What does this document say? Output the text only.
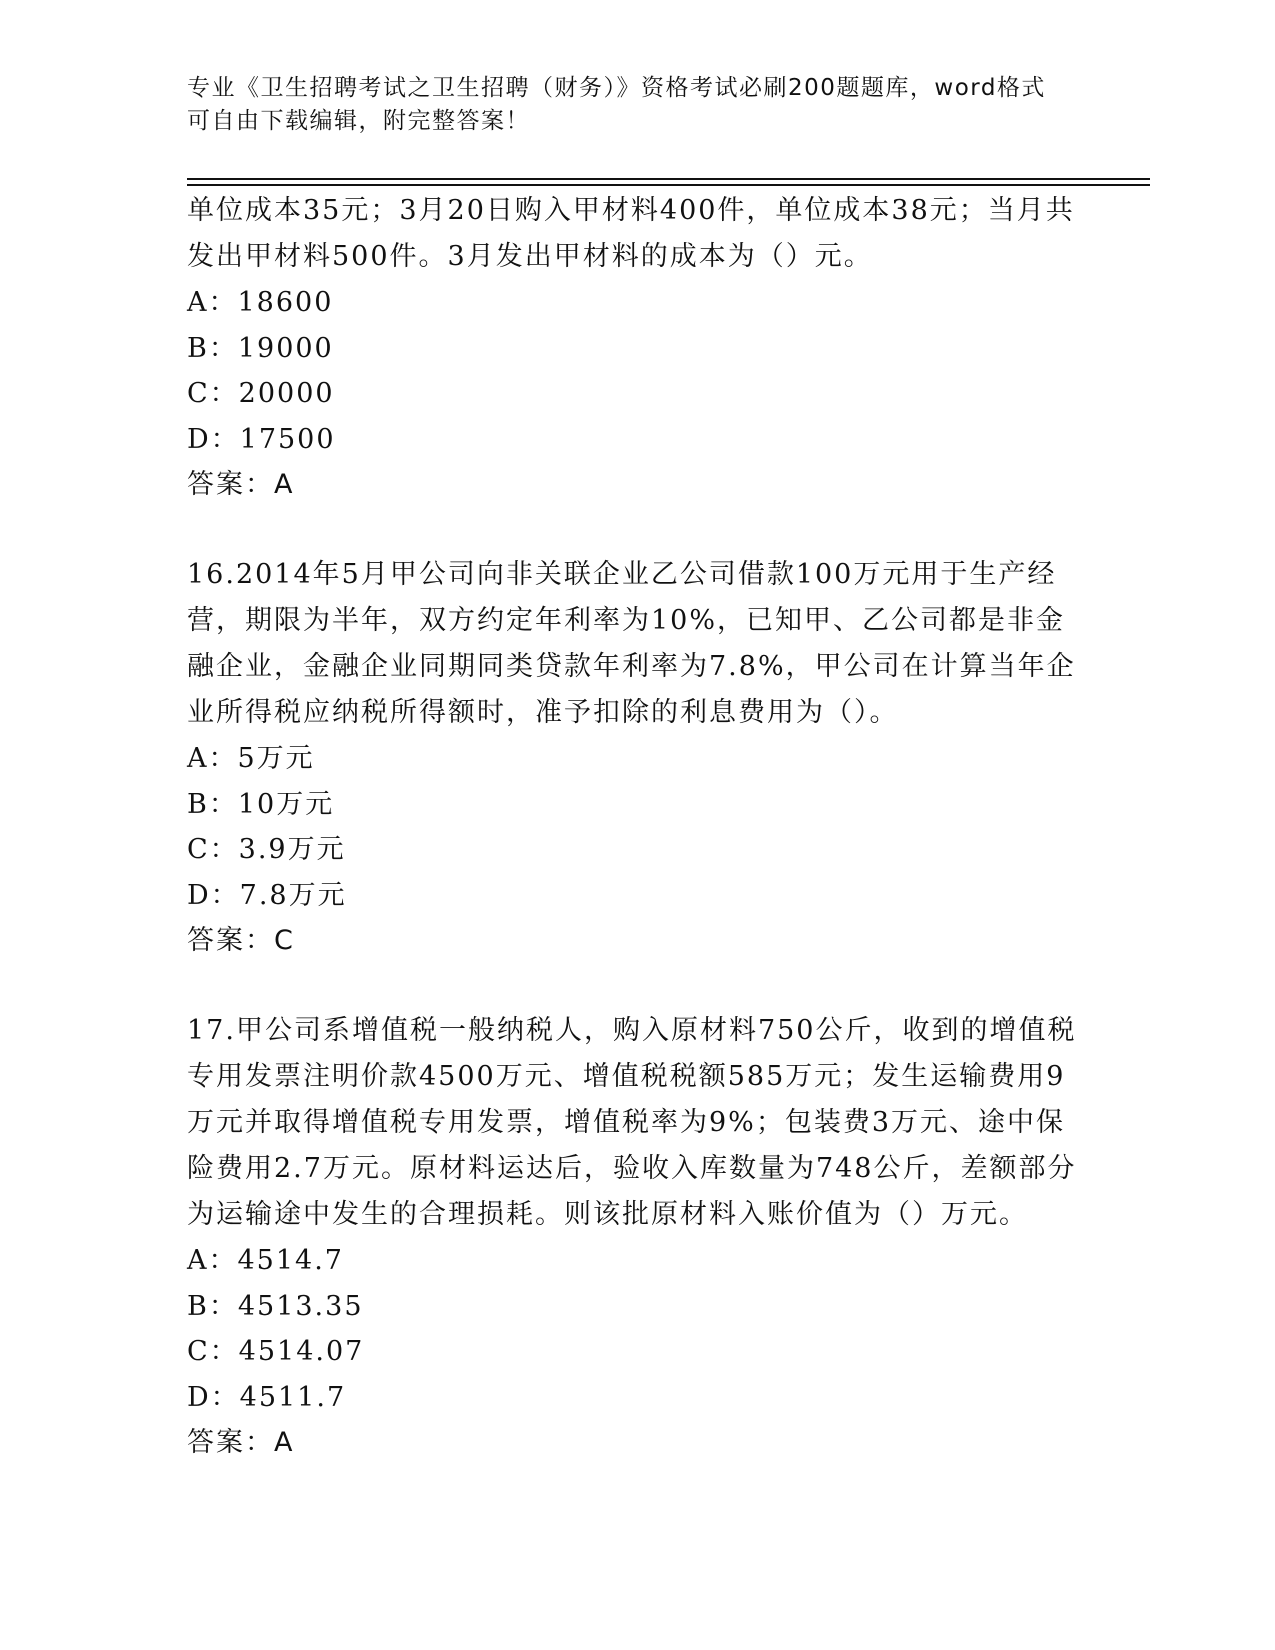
专业《卫生招聘考试之卫生招聘（财务）》资格考试必刷200题题库，word格式可自由下载编辑，附完整答案！

单位成本35元；3月20日购入甲材料400件，单位成本38元；当月共发出甲材料500件。3月发出甲材料的成本为（）元。

A：18600

B：19000

C：20000

D：17500

答案：A

16.2014年5月甲公司向非关联企业乙公司借款100万元用于生产经营，期限为半年，双方约定年利率为10%，已知甲、乙公司都是非金融企业，金融企业同期同类贷款年利率为7.8%，甲公司在计算当年企业所得税应纳税所得额时，准予扣除的利息费用为（）。

A：5万元

B：10万元

C：3.9万元

D：7.8万元

答案：C

17.甲公司系增值税一般纳税人，购入原材料750公斤，收到的增值税专用发票注明价款4500万元、增值税税额585万元；发生运输费用9万元并取得增值税专用发票，增值税率为9%；包装费3万元、途中保险费用2.7万元。原材料运达后，验收入库数量为748公斤，差额部分为运输途中发生的合理损耗。则该批原材料入账价值为（）万元。

A：4514.7

B：4513.35

C：4514.07

D：4511.7

答案：A
